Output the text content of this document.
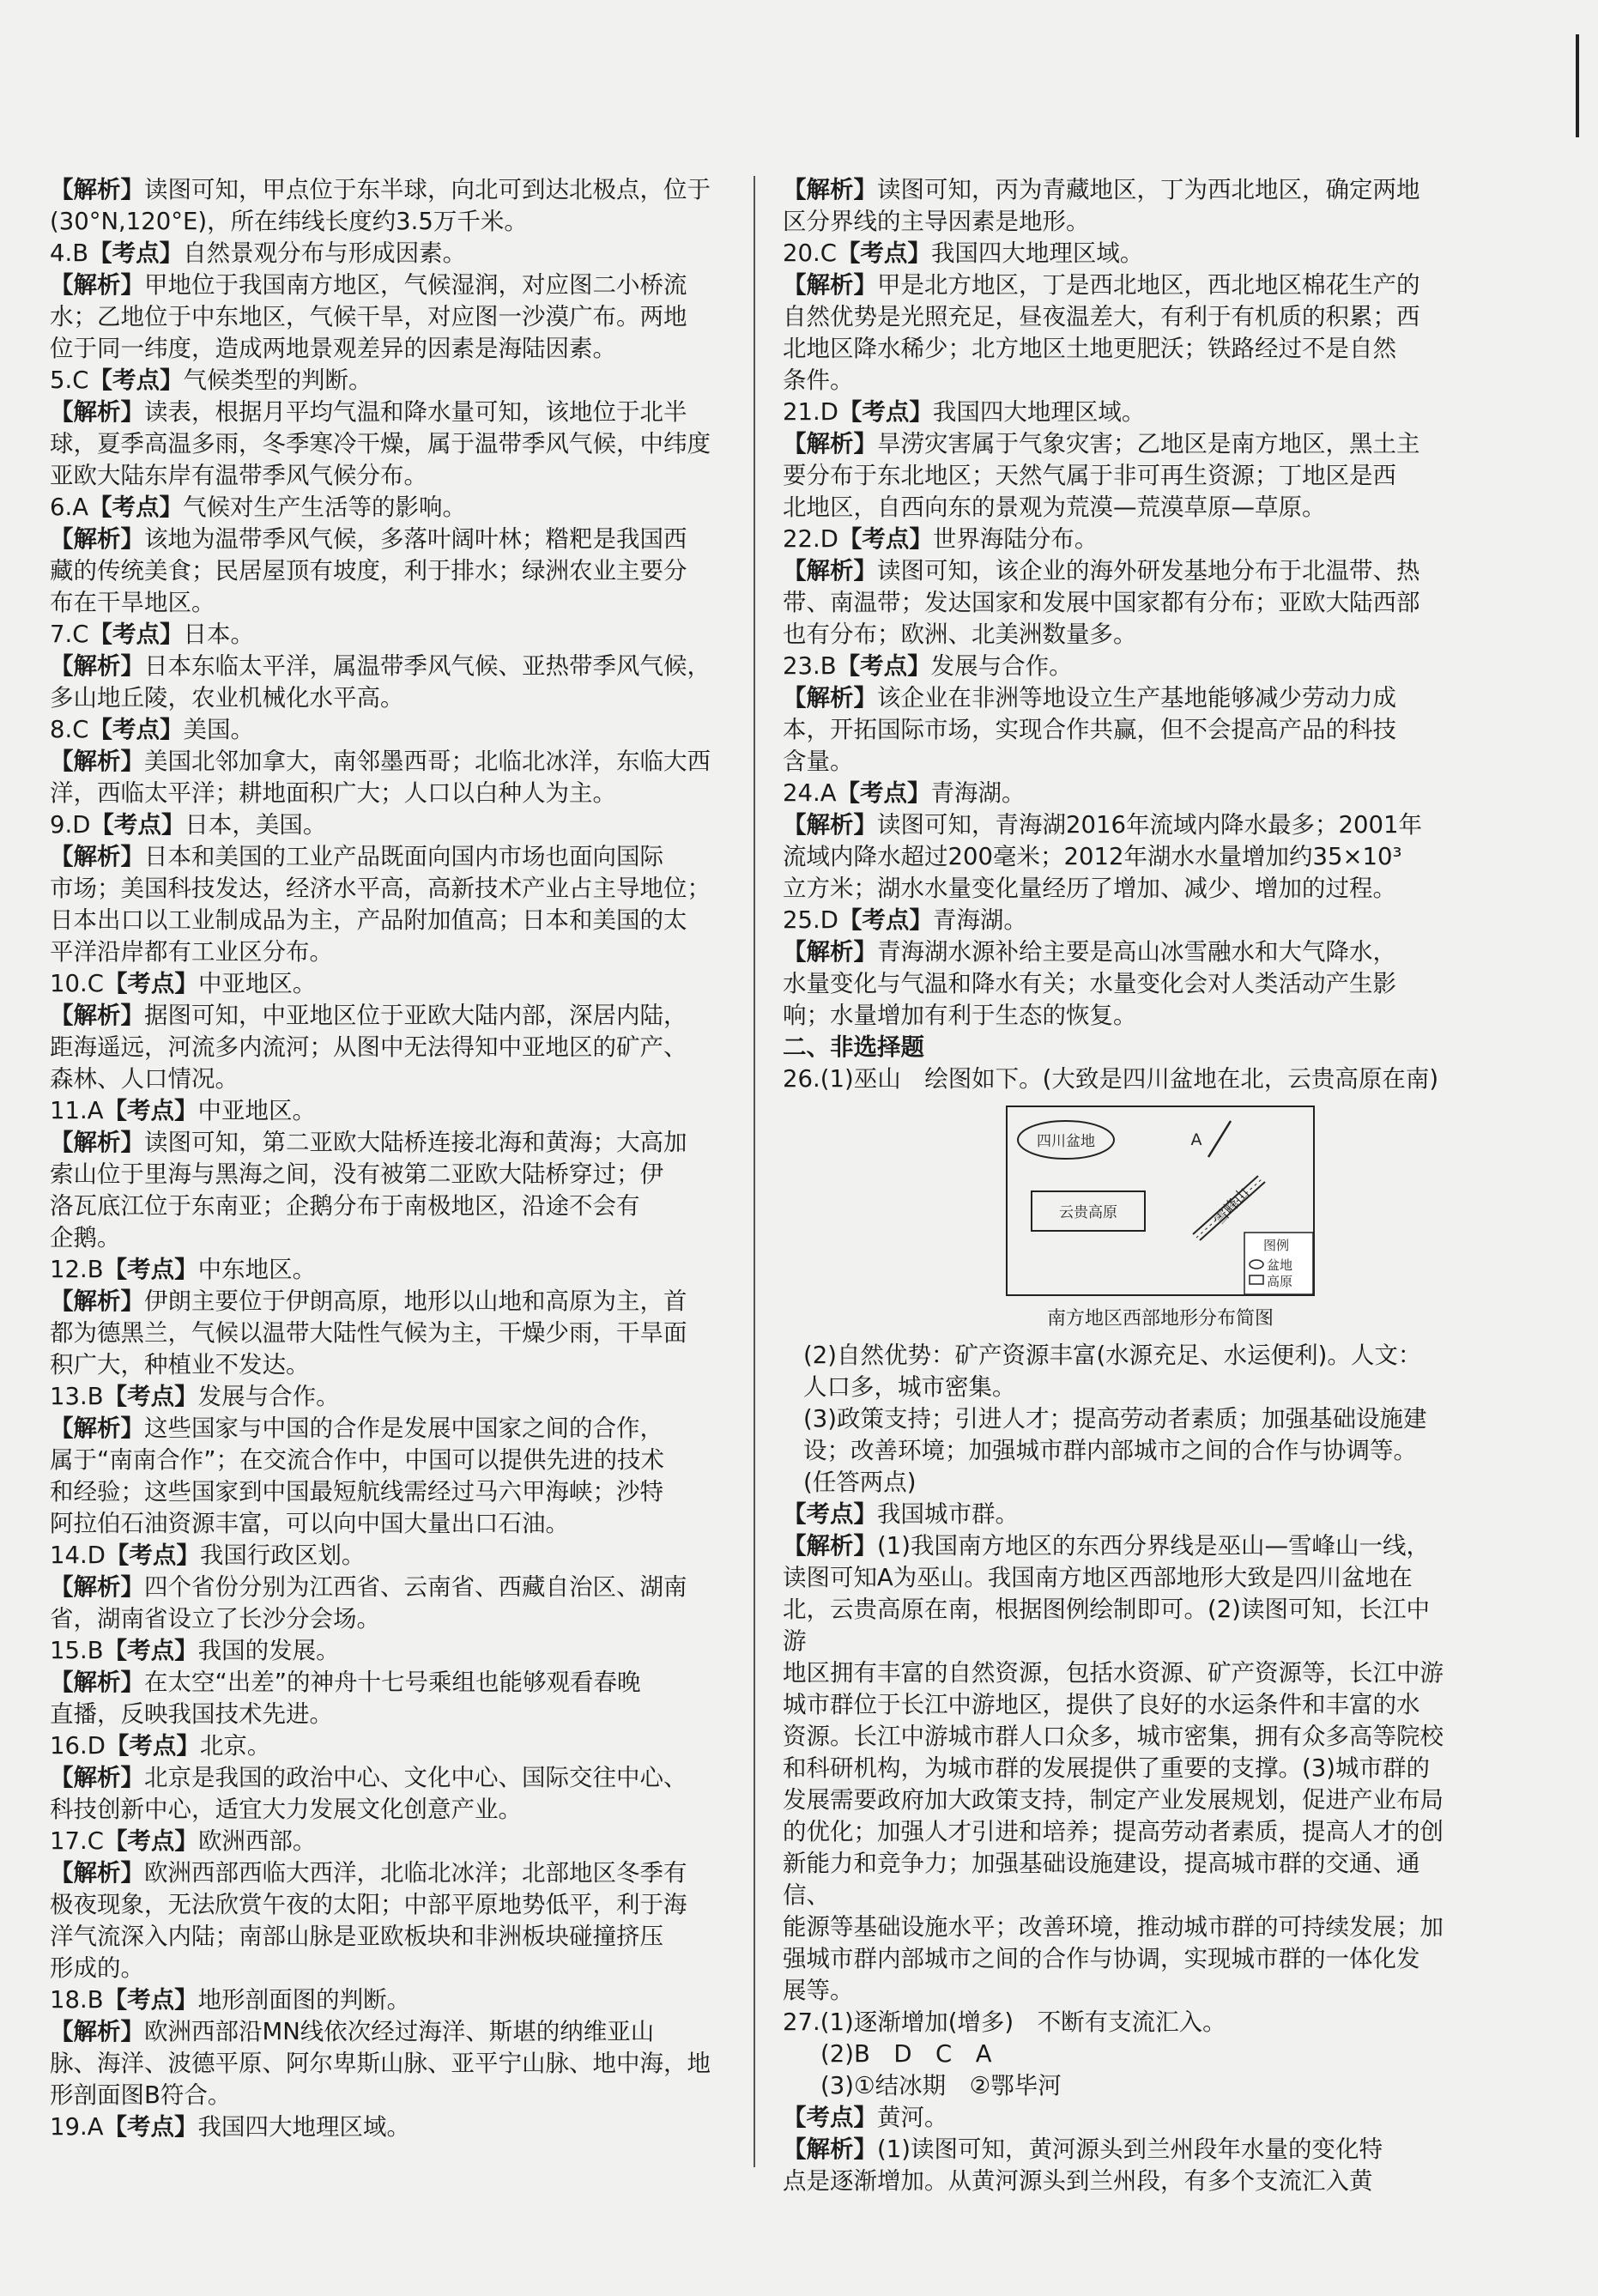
【解析】读图可知，甲点位于东半球，向北可到达北极点，位于

(30°N,120°E)，所在纬线长度约3.5万千米。

4.B【考点】自然景观分布与形成因素。

【解析】甲地位于我国南方地区，气候湿润，对应图二小桥流

水；乙地位于中东地区，气候干旱，对应图一沙漠广布。两地

位于同一纬度，造成两地景观差异的因素是海陆因素。

5.C【考点】气候类型的判断。

【解析】读表，根据月平均气温和降水量可知，该地位于北半

球，夏季高温多雨，冬季寒冷干燥，属于温带季风气候，中纬度

亚欧大陆东岸有温带季风气候分布。

6.A【考点】气候对生产生活等的影响。

【解析】该地为温带季风气候，多落叶阔叶林；糌粑是我国西

藏的传统美食；民居屋顶有坡度，利于排水；绿洲农业主要分

布在干旱地区。

7.C【考点】日本。

【解析】日本东临太平洋，属温带季风气候、亚热带季风气候，

多山地丘陵，农业机械化水平高。

8.C【考点】美国。

【解析】美国北邻加拿大，南邻墨西哥；北临北冰洋，东临大西

洋，西临太平洋；耕地面积广大；人口以白种人为主。

9.D【考点】日本，美国。

【解析】日本和美国的工业产品既面向国内市场也面向国际

市场；美国科技发达，经济水平高，高新技术产业占主导地位；

日本出口以工业制成品为主，产品附加值高；日本和美国的太

平洋沿岸都有工业区分布。

10.C【考点】中亚地区。

【解析】据图可知，中亚地区位于亚欧大陆内部，深居内陆，

距海遥远，河流多内流河；从图中无法得知中亚地区的矿产、

森林、人口情况。

11.A【考点】中亚地区。

【解析】读图可知，第二亚欧大陆桥连接北海和黄海；大高加

索山位于里海与黑海之间，没有被第二亚欧大陆桥穿过；伊

洛瓦底江位于东南亚；企鹅分布于南极地区，沿途不会有

企鹅。

12.B【考点】中东地区。

【解析】伊朗主要位于伊朗高原，地形以山地和高原为主，首

都为德黑兰，气候以温带大陆性气候为主，干燥少雨，干旱面

积广大，种植业不发达。

13.B【考点】发展与合作。

【解析】这些国家与中国的合作是发展中国家之间的合作，

属于“南南合作”；在交流合作中，中国可以提供先进的技术

和经验；这些国家到中国最短航线需经过马六甲海峡；沙特

阿拉伯石油资源丰富，可以向中国大量出口石油。

14.D【考点】我国行政区划。

【解析】四个省份分别为江西省、云南省、西藏自治区、湖南

省，湖南省设立了长沙分会场。

15.B【考点】我国的发展。

【解析】在太空“出差”的神舟十七号乘组也能够观看春晚

直播，反映我国技术先进。

16.D【考点】北京。

【解析】北京是我国的政治中心、文化中心、国际交往中心、

科技创新中心，适宜大力发展文化创意产业。

17.C【考点】欧洲西部。

【解析】欧洲西部西临大西洋，北临北冰洋；北部地区冬季有

极夜现象，无法欣赏午夜的太阳；中部平原地势低平，利于海

洋气流深入内陆；南部山脉是亚欧板块和非洲板块碰撞挤压

形成的。

18.B【考点】地形剖面图的判断。

【解析】欧洲西部沿MN线依次经过海洋、斯堪的纳维亚山

脉、海洋、波德平原、阿尔卑斯山脉、亚平宁山脉、地中海，地

形剖面图B符合。

19.A【考点】我国四大地理区域。

【解析】读图可知，丙为青藏地区，丁为西北地区，确定两地

区分界线的主导因素是地形。

20.C【考点】我国四大地理区域。

【解析】甲是北方地区，丁是西北地区，西北地区棉花生产的

自然优势是光照充足，昼夜温差大，有利于有机质的积累；西

北地区降水稀少；北方地区土地更肥沃；铁路经过不是自然

条件。

21.D【考点】我国四大地理区域。

【解析】旱涝灾害属于气象灾害；乙地区是南方地区，黑土主

要分布于东北地区；天然气属于非可再生资源；丁地区是西

北地区，自西向东的景观为荒漠—荒漠草原—草原。

22.D【考点】世界海陆分布。

【解析】读图可知，该企业的海外研发基地分布于北温带、热

带、南温带；发达国家和发展中国家都有分布；亚欧大陆西部

也有分布；欧洲、北美洲数量多。

23.B【考点】发展与合作。

【解析】该企业在非洲等地设立生产基地能够减少劳动力成

本，开拓国际市场，实现合作共赢，但不会提高产品的科技

含量。

24.A【考点】青海湖。

【解析】读图可知，青海湖2016年流域内降水最多；2001年

流域内降水超过200毫米；2012年湖水水量增加约35×10³

立方米；湖水水量变化量经历了增加、减少、增加的过程。

25.D【考点】青海湖。

【解析】青海湖水源补给主要是高山冰雪融水和大气降水，

水量变化与气温和降水有关；水量变化会对人类活动产生影

响；水量增加有利于生态的恢复。

二、非选择题

26.(1)巫山　绘图如下。(大致是四川盆地在北，云贵高原在南)

四川盆地	A
云贵高原	雪峰山
图例
盆地
高原
南方地区西部地形分布简图

(2)自然优势：矿产资源丰富(水源充足、水运便利)。人文：

人口多，城市密集。

(3)政策支持；引进人才；提高劳动者素质；加强基础设施建

设；改善环境；加强城市群内部城市之间的合作与协调等。

(任答两点)

【考点】我国城市群。

【解析】(1)我国南方地区的东西分界线是巫山—雪峰山一线，

读图可知A为巫山。我国南方地区西部地形大致是四川盆地在

北，云贵高原在南，根据图例绘制即可。(2)读图可知，长江中游

地区拥有丰富的自然资源，包括水资源、矿产资源等，长江中游

城市群位于长江中游地区，提供了良好的水运条件和丰富的水

资源。长江中游城市群人口众多，城市密集，拥有众多高等院校

和科研机构，为城市群的发展提供了重要的支撑。(3)城市群的

发展需要政府加大政策支持，制定产业发展规划，促进产业布局

的优化；加强人才引进和培养；提高劳动者素质，提高人才的创

新能力和竞争力；加强基础设施建设，提高城市群的交通、通信、

能源等基础设施水平；改善环境，推动城市群的可持续发展；加

强城市群内部城市之间的合作与协调，实现城市群的一体化发

展等。

27.(1)逐渐增加(增多)　不断有支流汇入。

(2)B　D　C　A

(3)①结冰期　②鄂毕河

【考点】黄河。

【解析】(1)读图可知，黄河源头到兰州段年水量的变化特

点是逐渐增加。从黄河源头到兰州段，有多个支流汇入黄
